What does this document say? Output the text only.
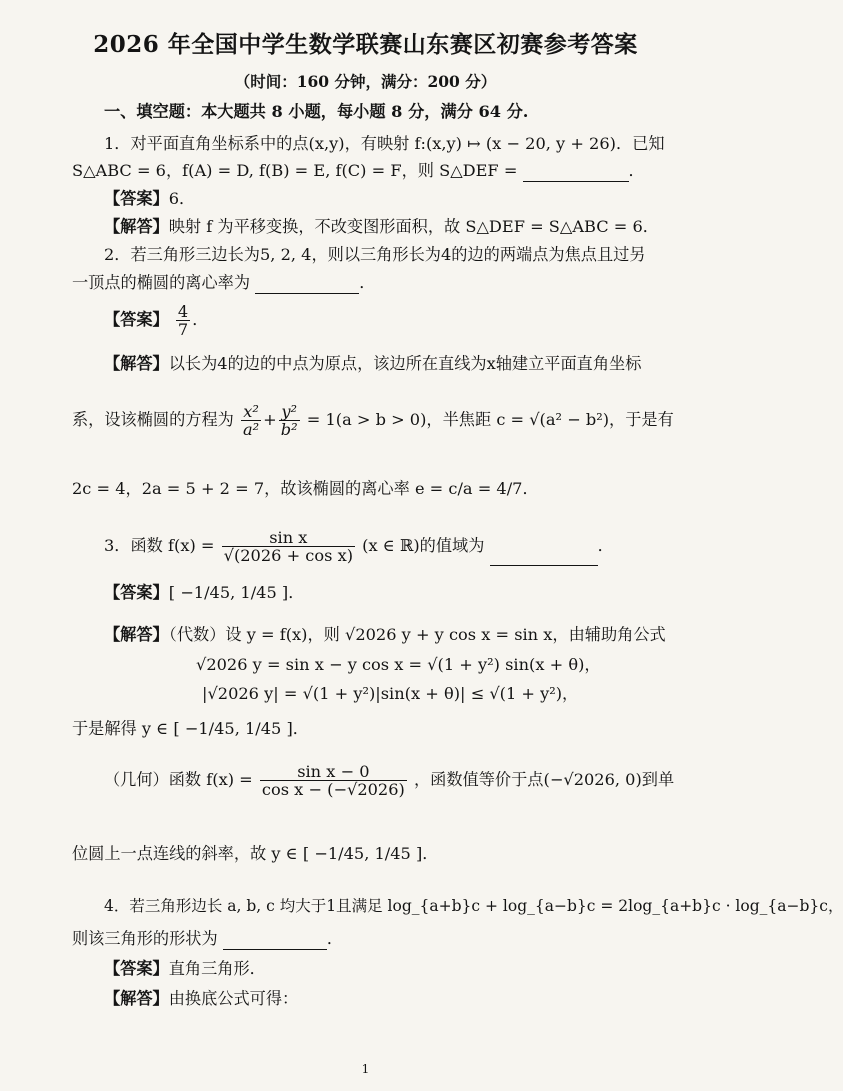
2026 年全国中学生数学联赛山东赛区初赛参考答案
（时间：160 分钟，满分：200 分）
一、填空题：本大题共 8 小题，每小题 8 分，满分 64 分.
1．对平面直角坐标系中的点(x,y)，有映射 f:(x,y) ↦ (x − 20, y + 26)．已知
S△ABC = 6，f(A) = D, f(B) = E, f(C) = F，则 S△DEF =	．
【答案】6．
【解答】映射 f 为平移变换，不改变图形面积，故 S△DEF = S△ABC = 6．
2．若三角形三边长为5, 2, 4，则以三角形长为4的边的两端点为焦点且过另
一顶点的椭圆的离心率为	．
【答案】 $\frac{4}{7}$ ．
【解答】以长为4的边的中点为原点，该边所在直线为x轴建立平面直角坐标
系，设该椭圆的方程为 $\frac{\text{x²}}{\text{a²}} + \frac{\text{y²}}{\text{b²}} = 1(a > b > 0)$，半焦距 c = √(a² − b²)，于是有
2c = 4，2a = 5 + 2 = 7，故该椭圆的离心率 e = c/a = 4/7．
3．函数 $f(x) = \frac{\text{sin x}}{\text{√(2026 + cos x)}} (x$ ∈ ℝ)的值域为	．
【答案】[ −1/45, 1/45 ]．
【解答】（代数）设 y = f(x)，则 √2026 y + y cos x = sin x，由辅助角公式
√2026 y = sin x − y cos x = √(1 + y²) sin(x + θ)，
|√2026 y| = √(1 + y²)|sin(x + θ)| ≤ √(1 + y²)，
于是解得 y ∈ [ −1/45, 1/45 ]．
（几何）函数 $f(x) = \frac{\text{sin x − 0}}{\text{cos x − (−√2026)}}$ ，函数值等价于点(−√2026, 0)到单
位圆上一点连线的斜率，故 y ∈ [ −1/45, 1/45 ]．
4．若三角形边长 a, b, c 均大于1且满足 log_{a+b}c + log_{a−b}c = 2log_{a+b}c · log_{a−b}c，
则该三角形的形状为	．
【答案】直角三角形．
【解答】由换底公式可得：
1
